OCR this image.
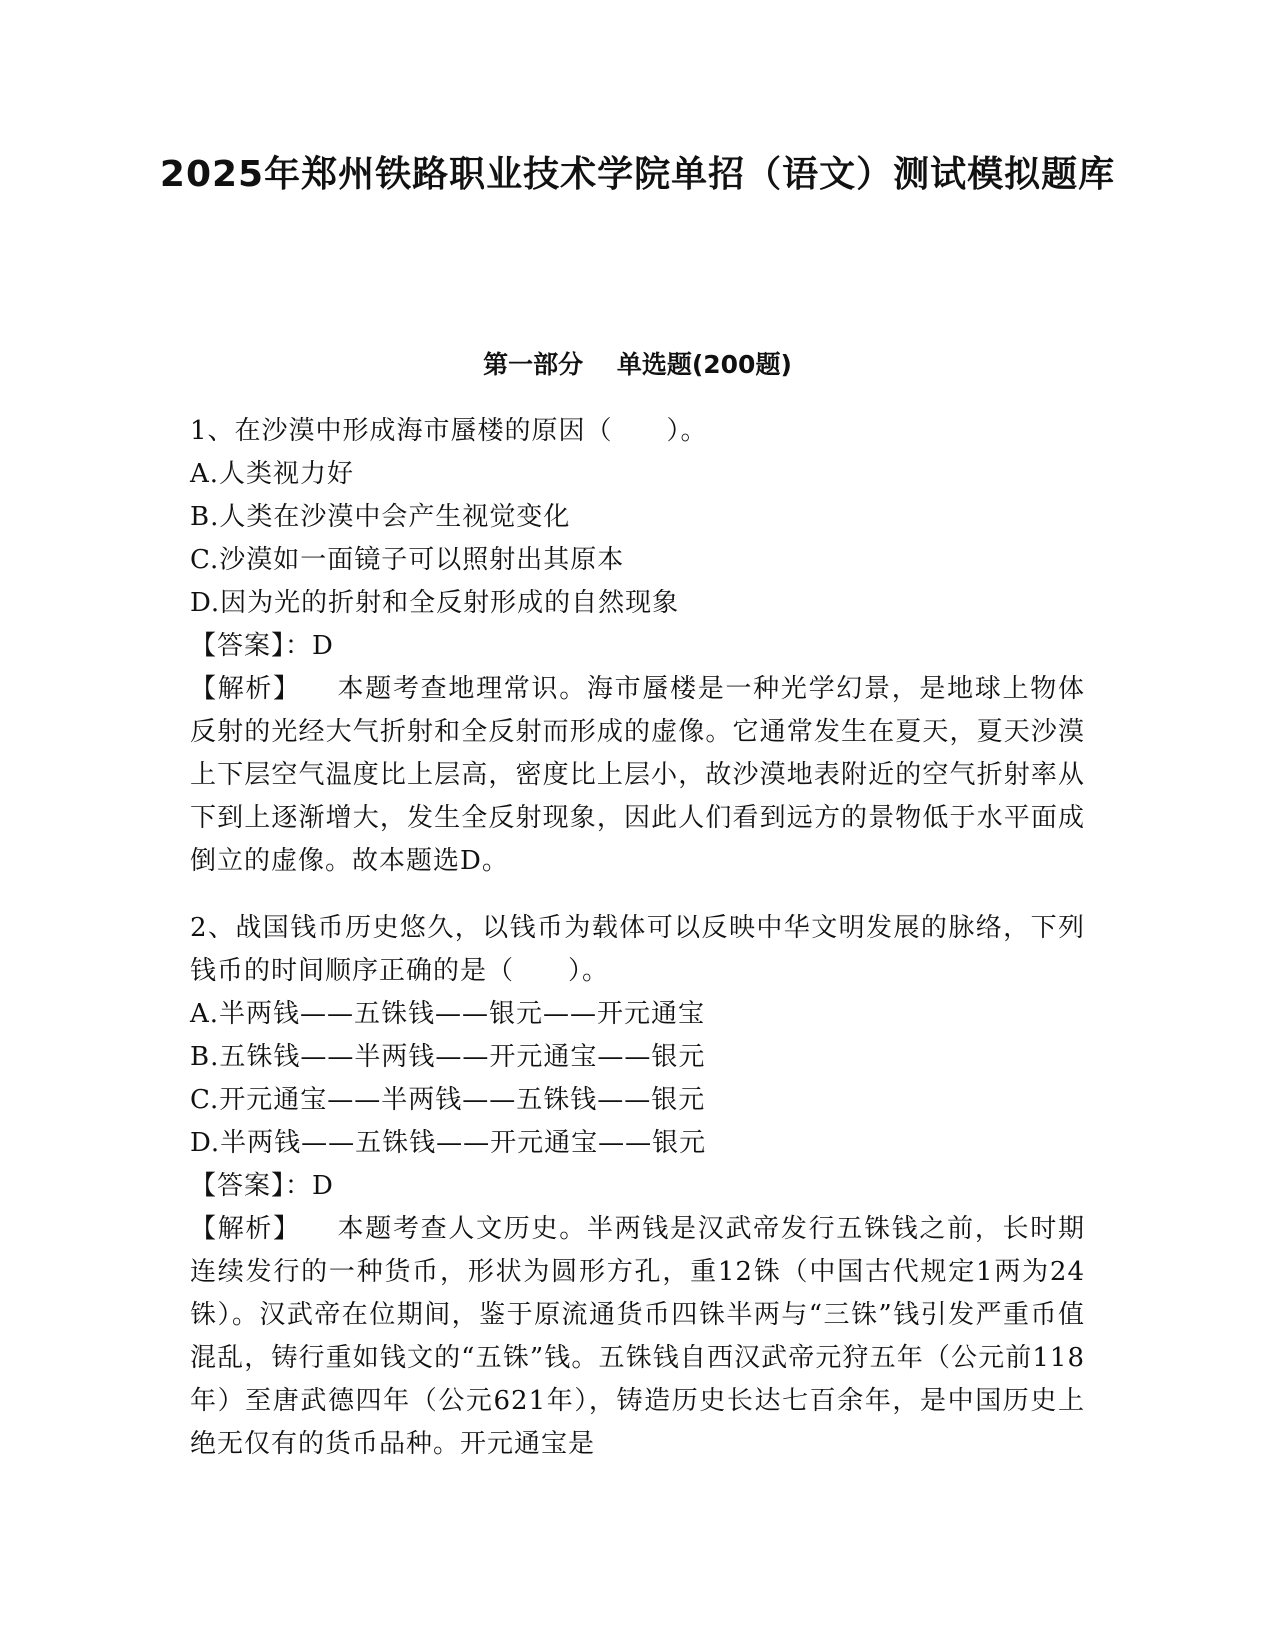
2025年郑州铁路职业技术学院单招（语文）测试模拟题库
第一部分　 单选题(200题)
1、在沙漠中形成海市蜃楼的原因（　　）。
A.人类视力好
B.人类在沙漠中会产生视觉变化
C.沙漠如一面镜子可以照射出其原本
D.因为光的折射和全反射形成的自然现象
【答案】：D
【解析】 本题考查地理常识。海市蜃楼是一种光学幻景，是地球上物体反射的光经大气折射和全反射而形成的虚像。它通常发生在夏天，夏天沙漠上下层空气温度比上层高，密度比上层小，故沙漠地表附近的空气折射率从下到上逐渐增大，发生全反射现象，因此人们看到远方的景物低于水平面成倒立的虚像。故本题选D。
2、战国钱币历史悠久，以钱币为载体可以反映中华文明发展的脉络，下列钱币的时间顺序正确的是（　　）。
A.半两钱——五铢钱——银元——开元通宝
B.五铢钱——半两钱——开元通宝——银元
C.开元通宝——半两钱——五铢钱——银元
D.半两钱——五铢钱——开元通宝——银元
【答案】：D
【解析】 本题考查人文历史。半两钱是汉武帝发行五铢钱之前，长时期连续发行的一种货币，形状为圆形方孔，重12铢（中国古代规定1两为24铢）。汉武帝在位期间，鉴于原流通货币四铢半两与“三铢”钱引发严重币值混乱，铸行重如钱文的“五铢”钱。五铢钱自西汉武帝元狩五年（公元前118年）至唐武德四年（公元621年），铸造历史长达七百余年，是中国历史上绝无仅有的货币品种。开元通宝是
